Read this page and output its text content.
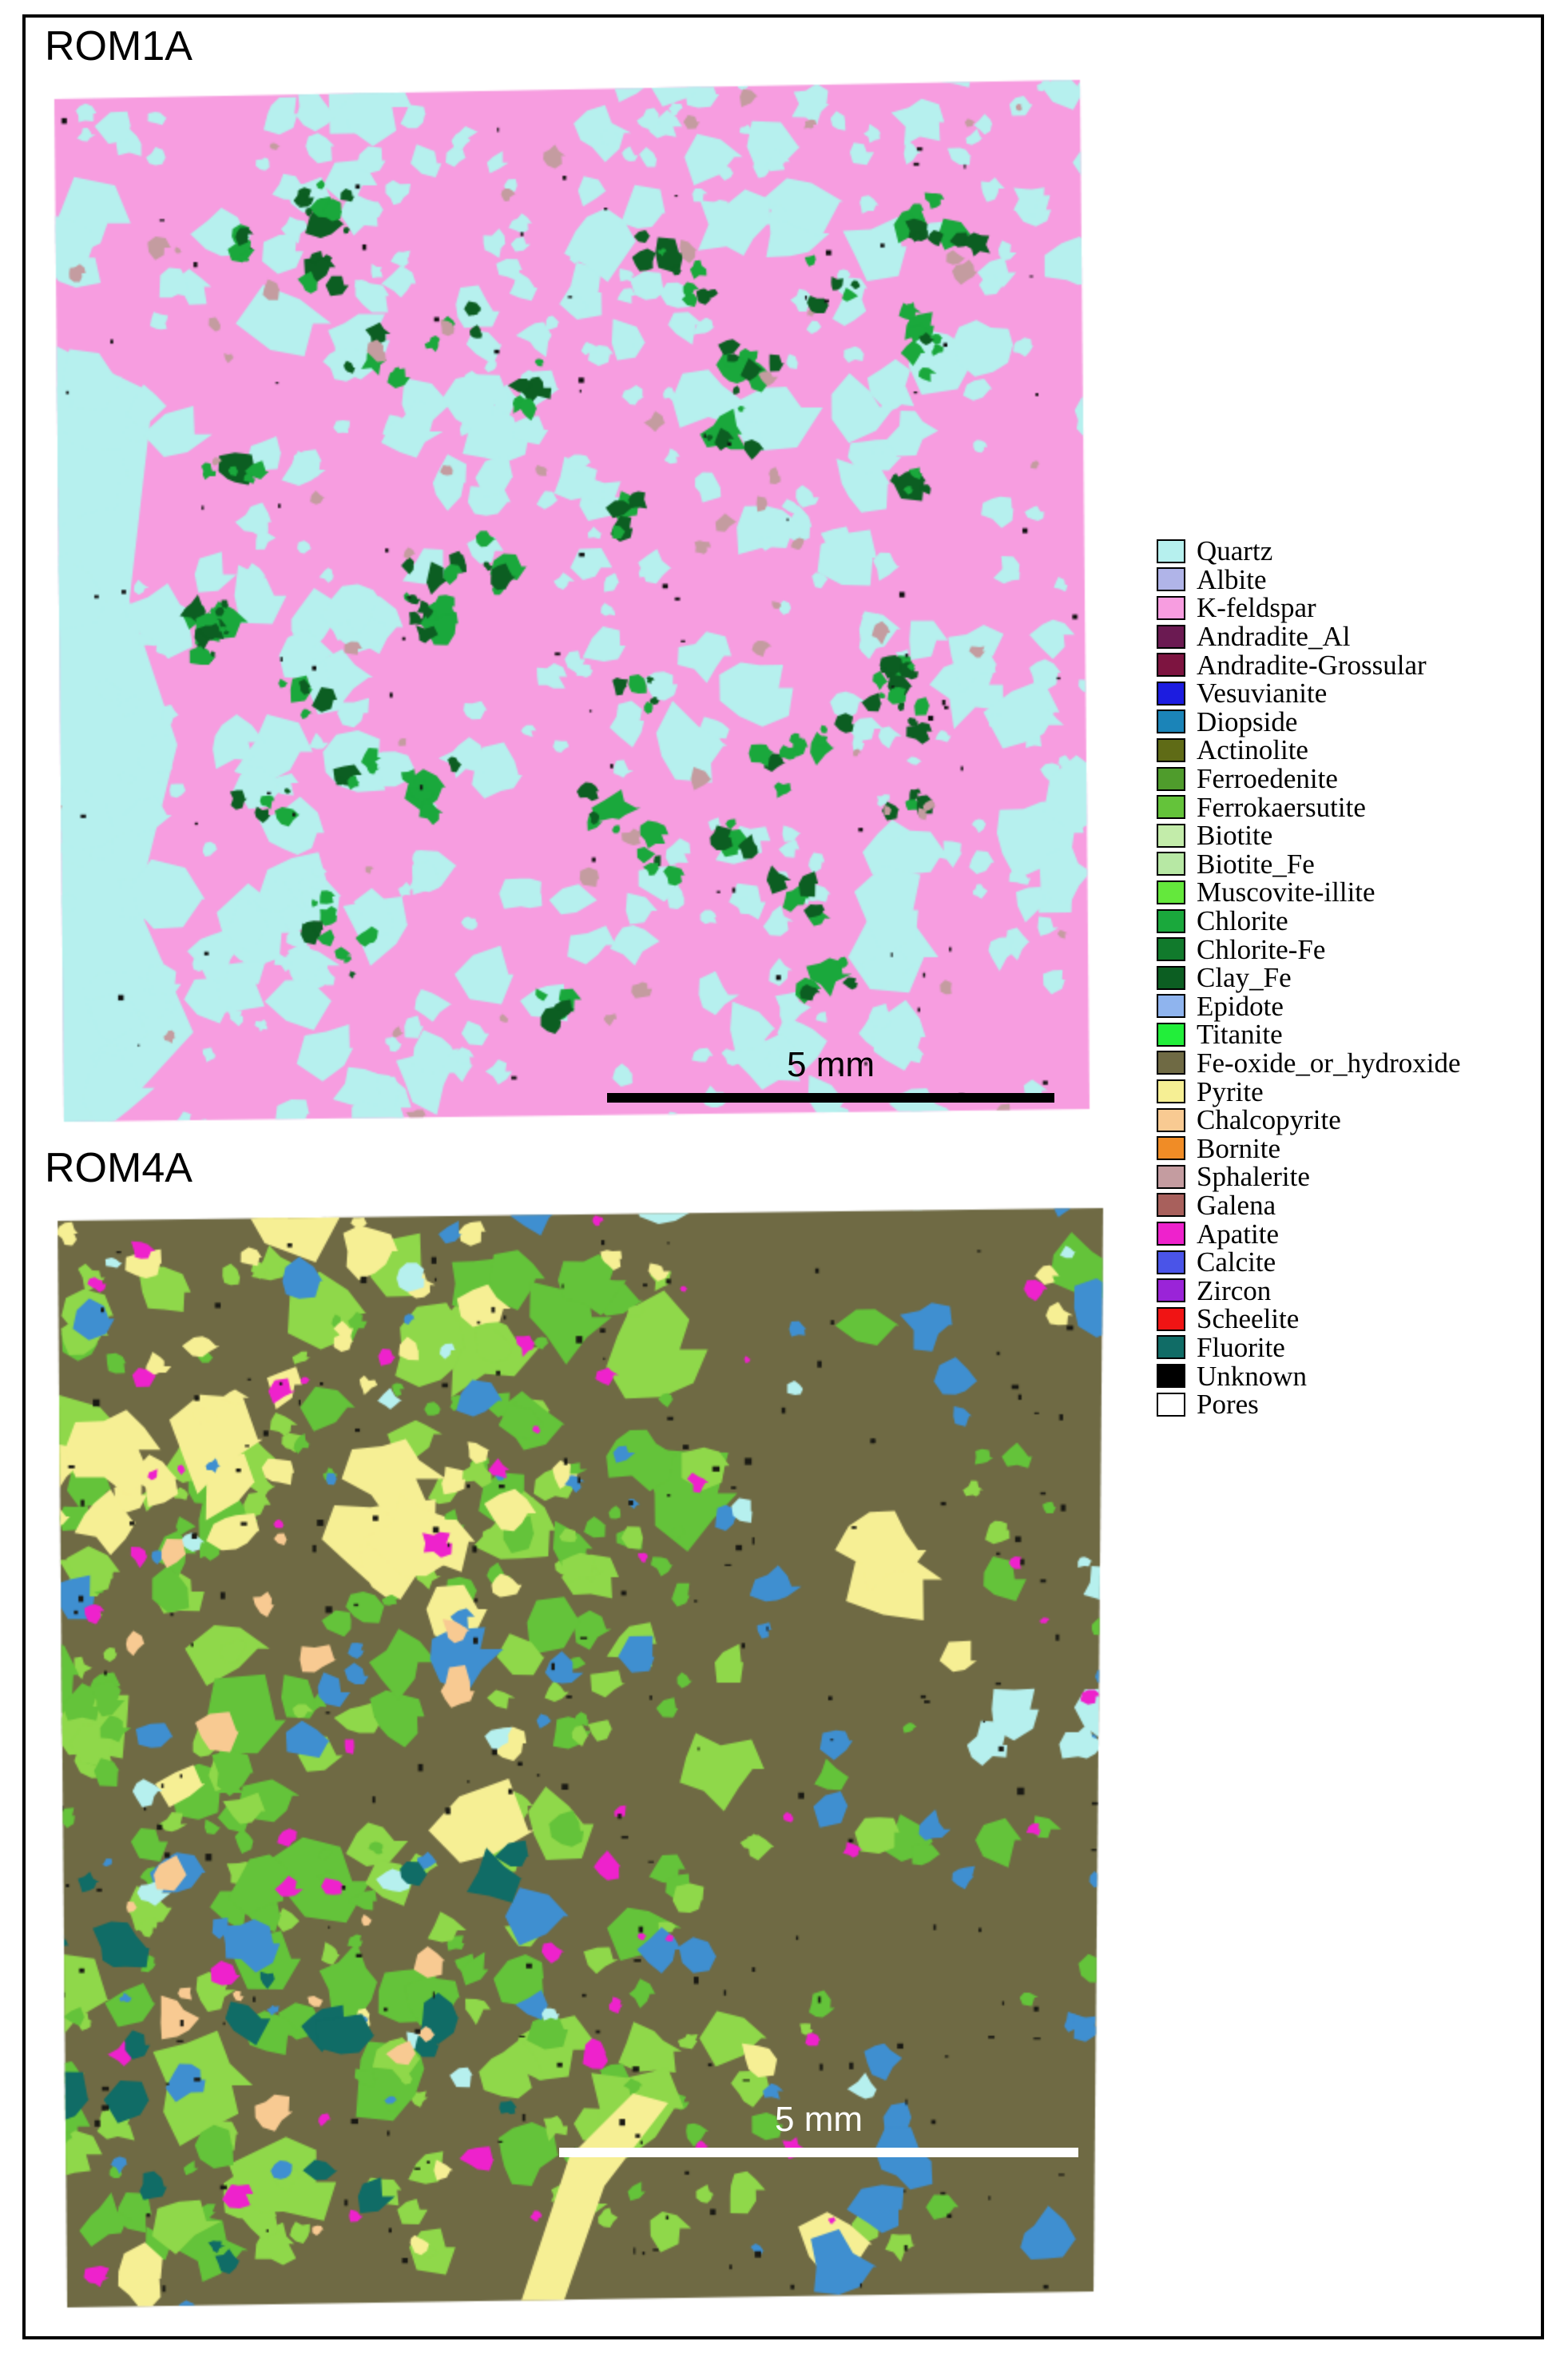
ROM1A
5 mm
ROM4A
5 mm
Quartz
Albite
K-feldspar
Andradite_Al
Andradite-Grossular
Vesuvianite
Diopside
Actinolite
Ferroedenite
Ferrokaersutite
Biotite
Biotite_Fe
Muscovite-illite
Chlorite
Chlorite-Fe
Clay_Fe
Epidote
Titanite
Fe-oxide_or_hydroxide
Pyrite
Chalcopyrite
Bornite
Sphalerite
Galena
Apatite
Calcite
Zircon
Scheelite
Fluorite
Unknown
Pores
